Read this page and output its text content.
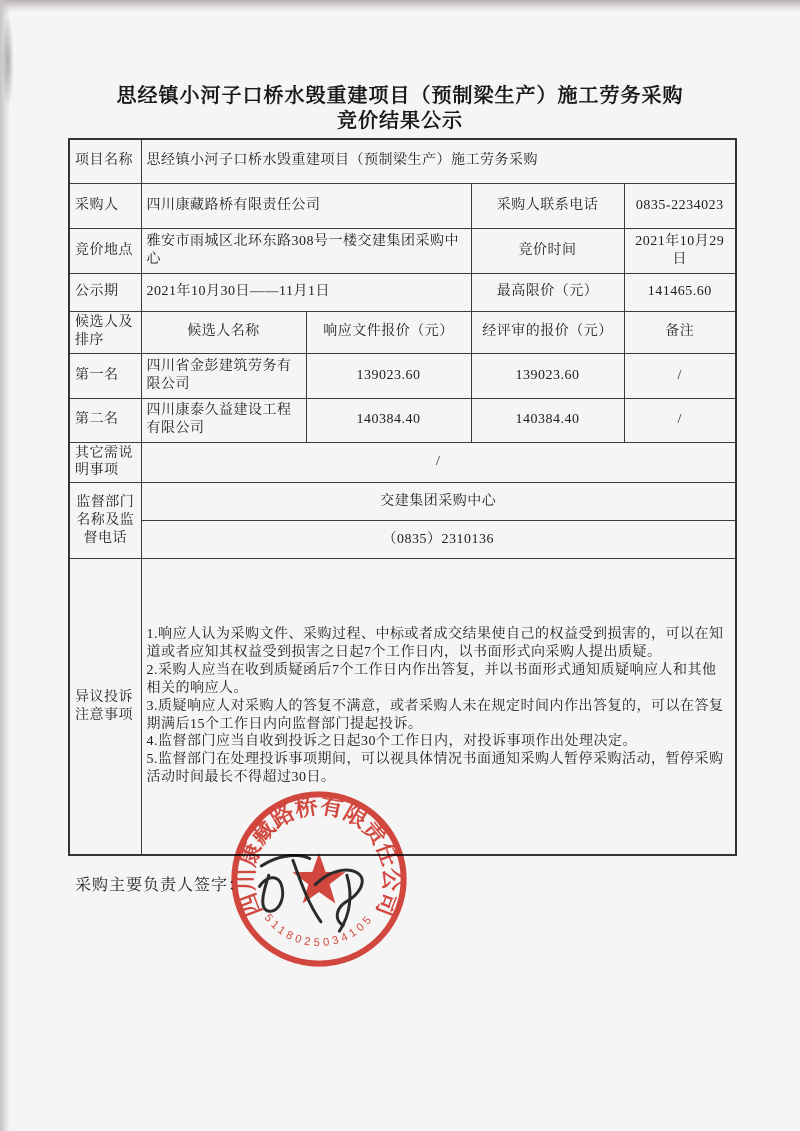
思经镇小河子口桥水毁重建项目（预制梁生产）施工劳务采购
竞价结果公示
项目名称	思经镇小河子口桥水毁重建项目（预制梁生产）施工劳务采购			
采购人	四川康藏路桥有限责任公司		采购人联系电话	0835-2234023
竞价地点	雅安市雨城区北环东路308号一楼交建集团采购中心		竞价时间	2021年10月29日
公示期	2021年10月30日——11月1日		最高限价（元）	141465.60
候选人及排序	候选人名称	响应文件报价（元）	经评审的报价（元）	备注
第一名	四川省金彭建筑劳务有限公司	139023.60	139023.60	/
第二名	四川康泰久益建设工程有限公司	140384.40	140384.40	/
其它需说明事项	/			
监督部门名称及监督电话	交建集团采购中心			
	（0835）2310136			
异议投诉注意事项	1.响应人认为采购文件、采购过程、中标或者成交结果使自己的权益受到损害的，可以在知道或者应知其权益受到损害之日起7个工作日内，以书面形式向采购人提出质疑。

2.采购人应当在收到质疑函后7个工作日内作出答复，并以书面形式通知质疑响应人和其他相关的响应人。

3.质疑响应人对采购人的答复不满意，或者采购人未在规定时间内作出答复的，可以在答复期满后15个工作日内向监督部门提起投诉。

4.监督部门应当自收到投诉之日起30个工作日内，对投诉事项作出处理决定。

5.监督部门在处理投诉事项期间，可以视具体情况书面通知采购人暂停采购活动，暂停采购活动时间最长不得超过30日。			

采购主要负责人签字：
四川康藏路桥有限责任公司
5118025034105
